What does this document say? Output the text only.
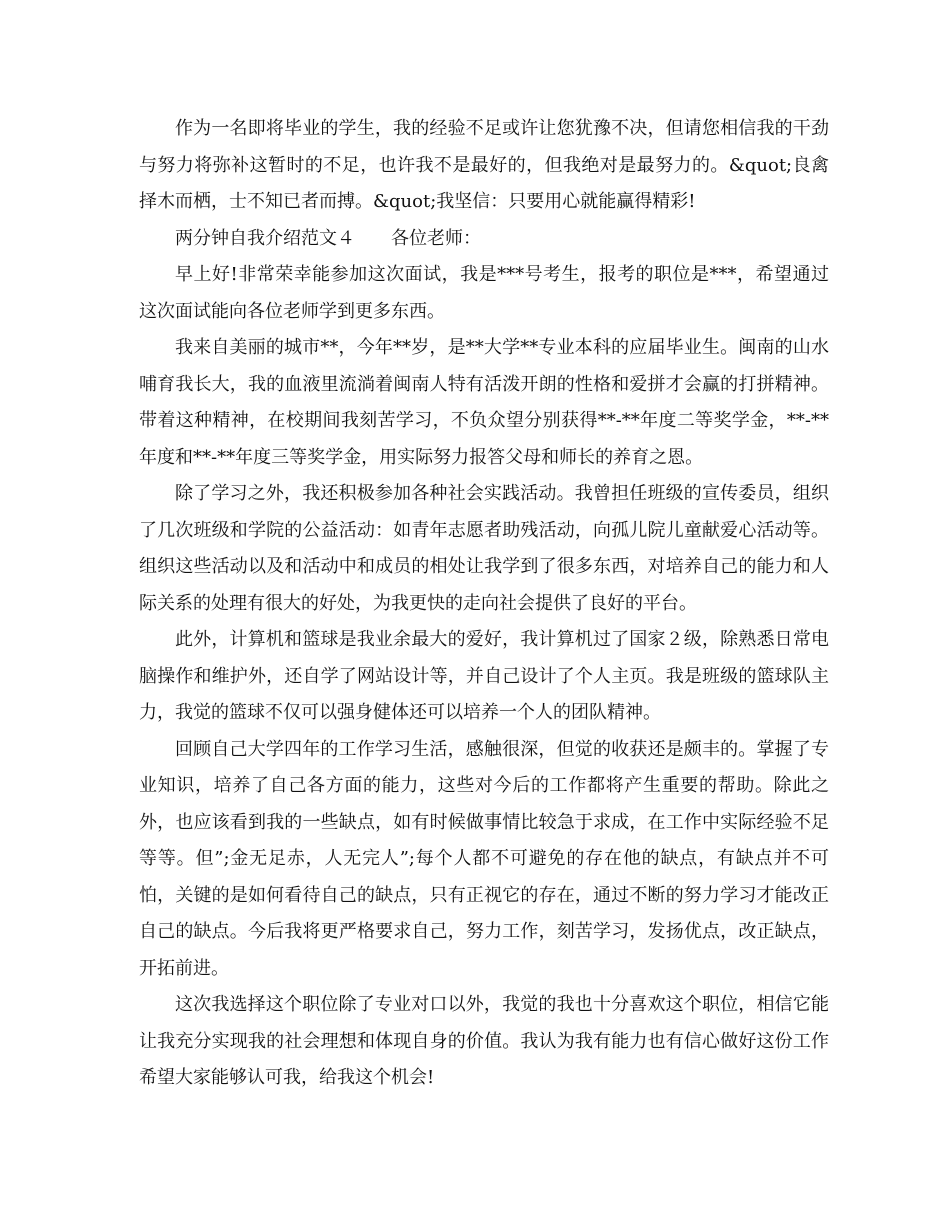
作为一名即将毕业的学生，我的经验不足或许让您犹豫不决，但请您相信我的干劲与努力将弥补这暂时的不足，也许我不是最好的，但我绝对是最努力的。&quot;良禽择木而栖，士不知已者而搏。&quot;我坚信：只要用心就能赢得精彩!

两分钟自我介绍范文４　　各位老师：

早上好!非常荣幸能参加这次面试，我是***号考生，报考的职位是***，希望通过这次面试能向各位老师学到更多东西。

我来自美丽的城市**，今年**岁，是**大学**专业本科的应届毕业生。闽南的山水哺育我长大，我的血液里流淌着闽南人特有活泼开朗的性格和爱拼才会赢的打拼精神。带着这种精神，在校期间我刻苦学习，不负众望分别获得**-**年度二等奖学金，**-**年度和**-**年度三等奖学金，用实际努力报答父母和师长的养育之恩。

除了学习之外，我还积极参加各种社会实践活动。我曾担任班级的宣传委员，组织了几次班级和学院的公益活动：如青年志愿者助残活动，向孤儿院儿童献爱心活动等。组织这些活动以及和活动中和成员的相处让我学到了很多东西，对培养自己的能力和人际关系的处理有很大的好处，为我更快的走向社会提供了良好的平台。

此外，计算机和篮球是我业余最大的爱好，我计算机过了国家２级，除熟悉日常电脑操作和维护外，还自学了网站设计等，并自己设计了个人主页。我是班级的篮球队主力，我觉的篮球不仅可以强身健体还可以培养一个人的团队精神。

回顾自己大学四年的工作学习生活，感触很深，但觉的收获还是颇丰的。掌握了专业知识，培养了自己各方面的能力，这些对今后的工作都将产生重要的帮助。除此之外，也应该看到我的一些缺点，如有时候做事情比较急于求成，在工作中实际经验不足等等。但”;金无足赤，人无完人”;每个人都不可避免的存在他的缺点，有缺点并不可怕，关键的是如何看待自己的缺点，只有正视它的存在，通过不断的努力学习才能改正自己的缺点。今后我将更严格要求自己，努力工作，刻苦学习，发扬优点，改正缺点，开拓前进。

这次我选择这个职位除了专业对口以外，我觉的我也十分喜欢这个职位，相信它能让我充分实现我的社会理想和体现自身的价值。我认为我有能力也有信心做好这份工作希望大家能够认可我，给我这个机会!
